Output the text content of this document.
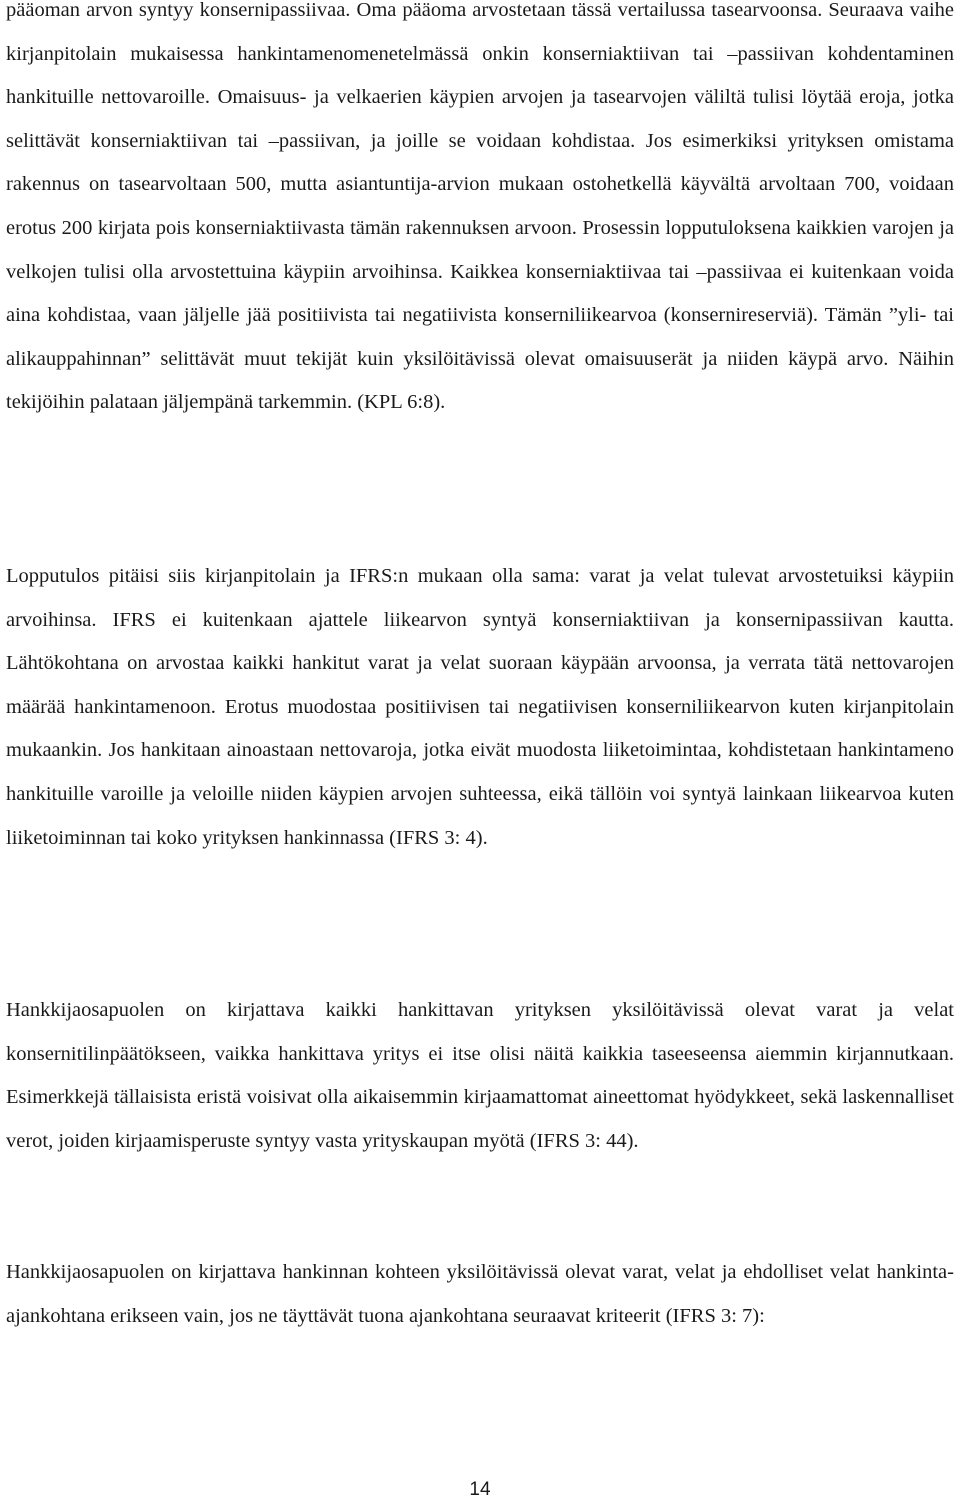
pääoman arvon syntyy konsernipassiivaa. Oma pääoma arvostetaan tässä vertailussa tasearvoonsa. Seuraava vaihe kirjanpitolain mukaisessa hankintamenomenetelmässä onkin konserniaktiivan tai –passiivan kohdentaminen hankituille nettovaroille. Omaisuus- ja velkaerien käypien arvojen ja tasearvojen väliltä tulisi löytää eroja, jotka selittävät konserniaktiivan tai –passiivan, ja joille se voidaan kohdistaa. Jos esimerkiksi yrityksen omistama rakennus on tasearvoltaan 500, mutta asiantuntija-arvion mukaan ostohetkellä käyvältä arvoltaan 700, voidaan erotus 200 kirjata pois konserniaktiivasta tämän rakennuksen arvoon. Prosessin lopputuloksena kaikkien varojen ja velkojen tulisi olla arvostettuina käypiin arvoihinsa. Kaikkea konserniaktiivaa tai –passiivaa ei kuitenkaan voida aina kohdistaa, vaan jäljelle jää positiivista tai negatiivista konserniliikearvoa (konsernireserviä). Tämän ”yli- tai alikauppahinnan” selittävät muut tekijät kuin yksilöitävissä olevat omaisuuserät ja niiden käypä arvo. Näihin tekijöihin palataan jäljempänä tarkemmin. (KPL 6:8).

Lopputulos pitäisi siis kirjanpitolain ja IFRS:n mukaan olla sama: varat ja velat tulevat arvostetuiksi käypiin arvoihinsa. IFRS ei kuitenkaan ajattele liikearvon syntyä konserniaktiivan ja konsernipassiivan kautta. Lähtökohtana on arvostaa kaikki hankitut varat ja velat suoraan käypään arvoonsa, ja verrata tätä nettovarojen määrää hankintamenoon. Erotus muodostaa positiivisen tai negatiivisen konserniliikearvon kuten kirjanpitolain mukaankin. Jos hankitaan ainoastaan nettovaroja, jotka eivät muodosta liiketoimintaa, kohdistetaan hankintameno hankituille varoille ja veloille niiden käypien arvojen suhteessa, eikä tällöin voi syntyä lainkaan liikearvoa kuten liiketoiminnan tai koko yrityksen hankinnassa (IFRS 3: 4).

Hankkijaosapuolen on kirjattava kaikki hankittavan yrityksen yksilöitävissä olevat varat ja velat konsernitilinpäätökseen, vaikka hankittava yritys ei itse olisi näitä kaikkia taseeseensa aiemmin kirjannutkaan. Esimerkkejä tällaisista eristä voisivat olla aikaisemmin kirjaamattomat aineettomat hyödykkeet, sekä laskennalliset verot, joiden kirjaamisperuste syntyy vasta yrityskaupan myötä (IFRS 3: 44).

Hankkijaosapuolen on kirjattava hankinnan kohteen yksilöitävissä olevat varat, velat ja ehdolliset velat hankinta-ajankohtana erikseen vain, jos ne täyttävät tuona ajankohtana seuraavat kriteerit (IFRS 3: 7):

14
